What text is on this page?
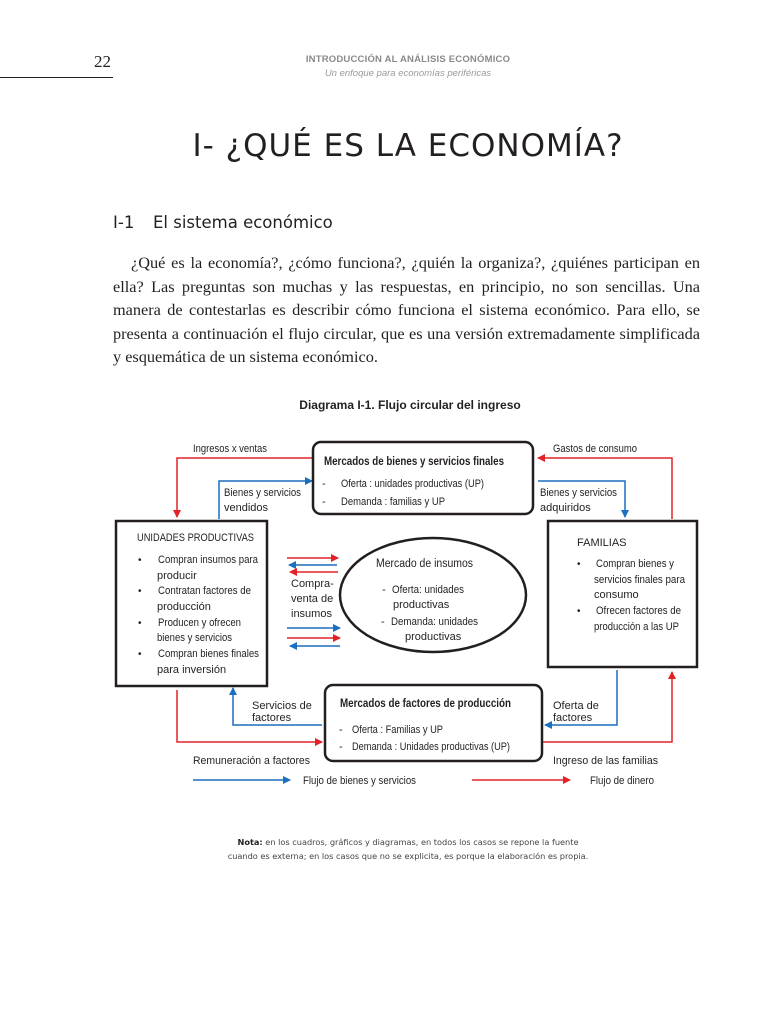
22	INTRODUCCIÓN AL ANÁLISIS ECONÓMICO
Un enfoque para economías periféricas
I- ¿QUÉ ES LA ECONOMÍA?
I-1 El sistema económico

¿Qué es la economía?, ¿cómo funciona?, ¿quién la organiza?, ¿quiénes participan en ella? Las preguntas son muchas y las respuestas, en principio, no son sencillas. Una manera de contestarlas es describir cómo funciona el sistema económico. Para ello, se presenta a continuación el flujo circular, que es una versión extremadamente simplificada y esquemática de un sistema económico.

Diagrama I-1. Flujo circular del ingreso
Mercados de bienes y servicios finales
- Oferta : unidades productivas (UP)
- Demanda : familias y UP
UNIDADES PRODUCTIVAS
• Compran insumos para
producir
• Contratan factores de
producción
• Producen y ofrecen
bienes y servicios
• Compran bienes finales
para inversión
FAMILIAS
• Compran bienes y
servicios finales para
consumo
• Ofrecen factores de
producción a las UP
Mercado de insumos
- Oferta: unidades
productivas
- Demanda: unidades
productivas
Mercados de factores de producción
- Oferta : Familias y UP
- Demanda : Unidades productivas (UP)
Ingresos x ventas	Gastos de consumo
Bienes y servicios
vendidos
Bienes y servicios
adquiridos
Compra-
venta de
insumos
Servicios de
factores
Oferta de
factores
Remuneración a factores	Ingreso de las familias
Flujo de bienes y servicios	Flujo de dinero
Nota: en los cuadros, gráficos y diagramas, en todos los casos se repone la fuente
cuando es externa; en los casos que no se explicita, es porque la elaboración es propia.
